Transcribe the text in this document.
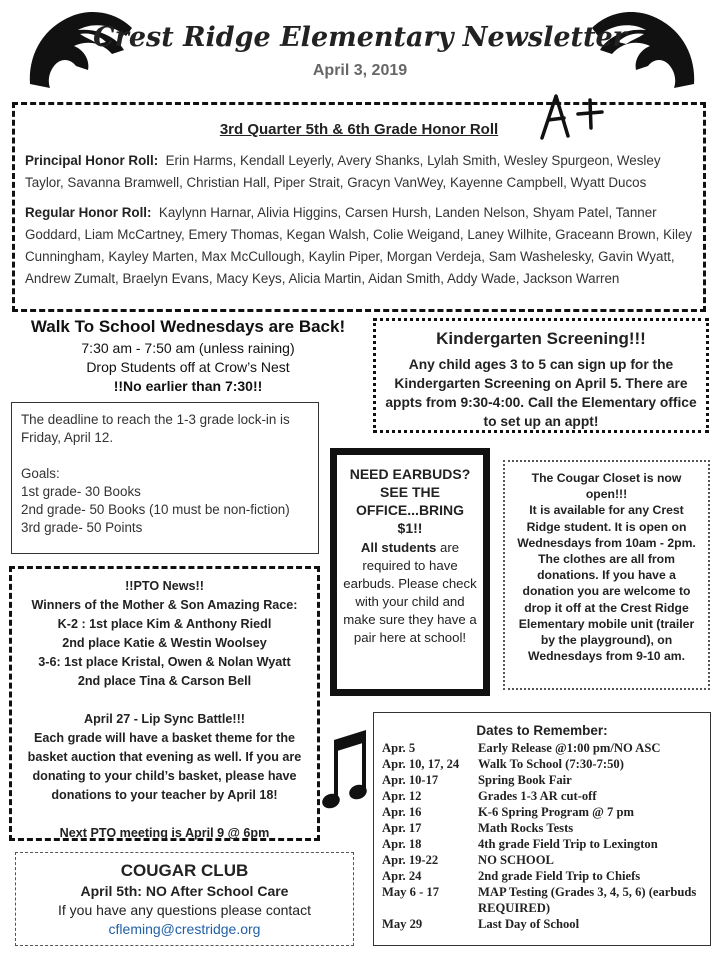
Crest Ridge Elementary Newsletter
April 3, 2019
3rd Quarter 5th & 6th Grade Honor Roll

Principal Honor Roll: Erin Harms, Kendall Leyerly, Avery Shanks, Lylah Smith, Wesley Spurgeon, Wesley Taylor, Savanna Bramwell, Christian Hall, Piper Strait, Gracyn VanWey, Kayenne Campbell, Wyatt Ducos

Regular Honor Roll: Kaylynn Harnar, Alivia Higgins, Carsen Hursh, Landen Nelson, Shyam Patel, Tanner Goddard, Liam McCartney, Emery Thomas, Kegan Walsh, Colie Weigand, Laney Wilhite, Graceann Brown, Kiley Cunningham, Kayley Marten, Max McCullough, Kaylin Piper, Morgan Verdeja, Sam Washelesky, Gavin Wyatt, Andrew Zumalt, Braelyn Evans, Macy Keys, Alicia Martin, Aidan Smith, Addy Wade, Jackson Warren

Walk To School Wednesdays are Back!
7:30 am - 7:50 am (unless raining)
Drop Students off at Crow’s Nest
!!No earlier than 7:30!!
Kindergarten Screening!!!
Any child ages 3 to 5 can sign up for the Kindergarten Screening on April 5. There are appts from 9:30-4:00. Call the Elementary office to set up an appt!

The deadline to reach the 1-3 grade lock-in is Friday, April 12.

Goals:

1st grade- 30 Books

2nd grade- 50 Books (10 must be non-fiction)

3rd grade- 50 Points

NEED EARBUDS? SEE THE OFFICE...BRING $1!!
All students are required to have earbuds. Please check with your child and make sure they have a pair here at school!
The Cougar Closet is now open!!!
It is available for any Crest Ridge student. It is open on Wednesdays from 10am - 2pm.
The clothes are all from donations. If you have a donation you are welcome to drop it off at the Crest Ridge Elementary mobile unit (trailer by the playground), on Wednesdays from 9-10 am.
!!PTO News!!
Winners of the Mother & Son Amazing Race:
K-2 : 1st place Kim & Anthony Riedl
2nd place Katie & Westin Woolsey
3-6: 1st place Kristal, Owen & Nolan Wyatt
2nd place Tina & Carson Bell
April 27 - Lip Sync Battle!!!
Each grade will have a basket theme for the basket auction that evening as well. If you are donating to your child’s basket, please have donations to your teacher by April 18!
Next PTO meeting is April 9 @ 6pm
Dates to Remember:
Apr. 5	Early Release @1:00 pm/NO ASC
Apr. 10, 17, 24	Walk To School (7:30-7:50)
Apr. 10-17	Spring Book Fair
Apr. 12	Grades 1-3 AR cut-off
Apr. 16	K-6 Spring Program @ 7 pm
Apr. 17	Math Rocks Tests
Apr. 18	4th grade Field Trip to Lexington
Apr. 19-22	NO SCHOOL
Apr. 24	2nd grade Field Trip to Chiefs
May 6 - 17	MAP Testing (Grades 3, 4, 5, 6) (earbuds REQUIRED)
May 29	Last Day of School
COUGAR CLUB
April 5th: NO After School Care
If you have any questions please contact
cfleming@crestridge.org
